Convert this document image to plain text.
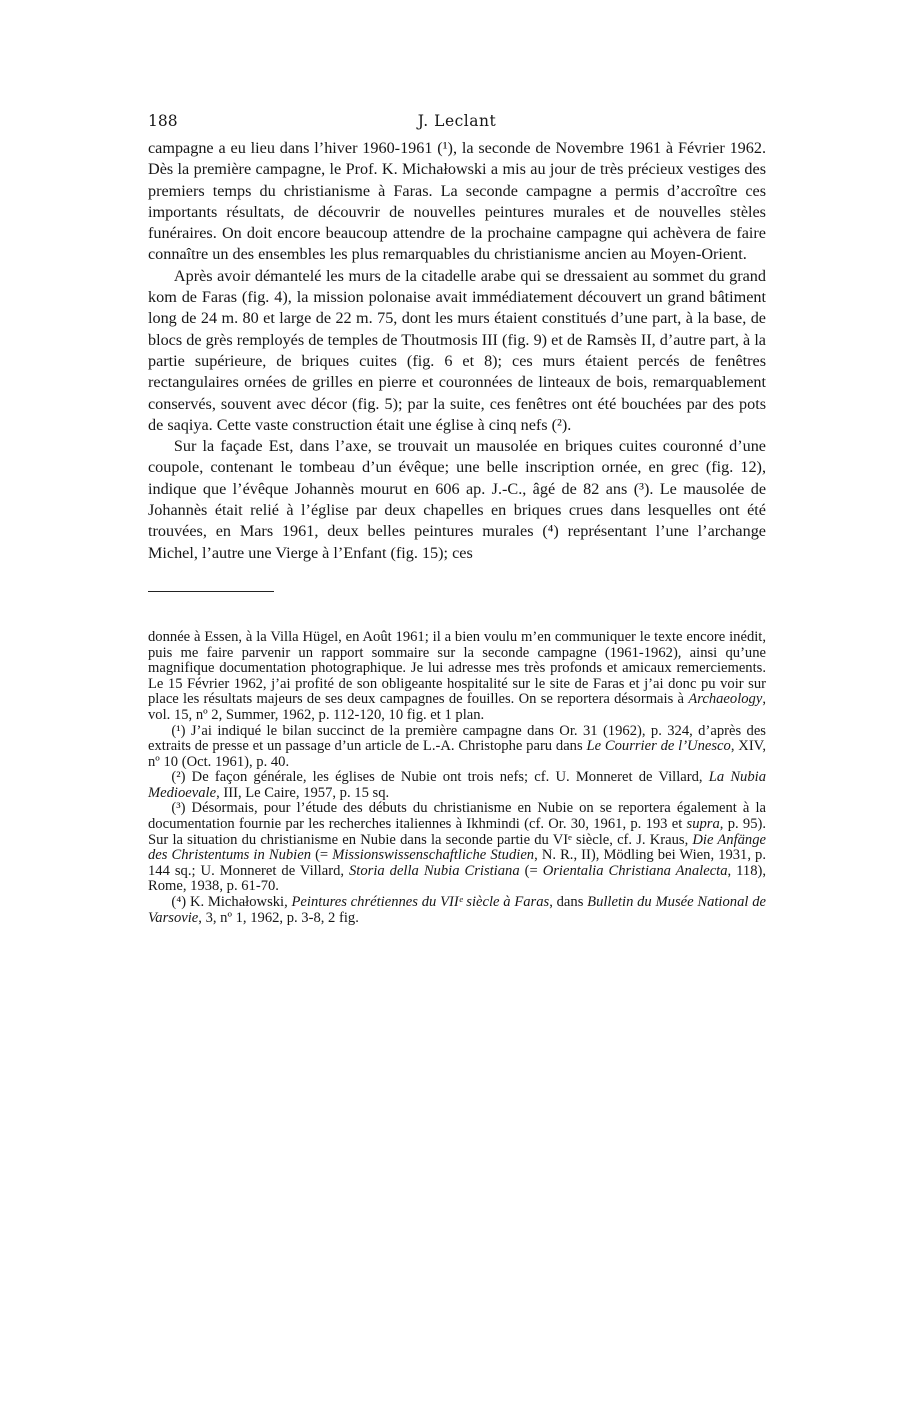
188	J. Leclant

campagne a eu lieu dans l’hiver 1960-1961 (¹), la seconde de Novembre 1961 à Février 1962. Dès la première campagne, le Prof. K. Michałowski a mis au jour de très précieux vestiges des premiers temps du christianisme à Faras. La seconde campagne a permis d’accroître ces importants résultats, de découvrir de nouvelles peintures murales et de nouvelles stèles funéraires. On doit encore beaucoup attendre de la prochaine campagne qui achèvera de faire connaître un des ensembles les plus remarquables du christianisme ancien au Moyen-Orient.

Après avoir démantelé les murs de la citadelle arabe qui se dressaient au sommet du grand kom de Faras (fig. 4), la mission polonaise avait immédiatement découvert un grand bâtiment long de 24 m. 80 et large de 22 m. 75, dont les murs étaient constitués d’une part, à la base, de blocs de grès remployés de temples de Thoutmosis III (fig. 9) et de Ramsès II, d’autre part, à la partie supérieure, de briques cuites (fig. 6 et 8); ces murs étaient percés de fenêtres rectangulaires ornées de grilles en pierre et couronnées de linteaux de bois, remarquablement conservés, souvent avec décor (fig. 5); par la suite, ces fenêtres ont été bouchées par des pots de saqiya. Cette vaste construction était une église à cinq nefs (²).

Sur la façade Est, dans l’axe, se trouvait un mausolée en briques cuites couronné d’une coupole, contenant le tombeau d’un évêque; une belle inscription ornée, en grec (fig. 12), indique que l’évêque Johannès mourut en 606 ap. J.-C., âgé de 82 ans (³). Le mausolée de Johannès était relié à l’église par deux chapelles en briques crues dans lesquelles ont été trouvées, en Mars 1961, deux belles peintures murales (⁴) représentant l’une l’archange Michel, l’autre une Vierge à l’Enfant (fig. 15); ces

donnée à Essen, à la Villa Hügel, en Août 1961; il a bien voulu m’en communiquer le texte encore inédit, puis me faire parvenir un rapport sommaire sur la seconde campagne (1961-1962), ainsi qu’une magnifique documentation photographique. Je lui adresse mes très profonds et amicaux remerciements. Le 15 Février 1962, j’ai profité de son obligeante hospitalité sur le site de Faras et j’ai donc pu voir sur place les résultats majeurs de ses deux campagnes de fouilles. On se reportera désormais à Archaeology, vol. 15, nº 2, Summer, 1962, p. 112-120, 10 fig. et 1 plan.

(¹) J’ai indiqué le bilan succinct de la première campagne dans Or. 31 (1962), p. 324, d’après des extraits de presse et un passage d’un article de L.-A. Christophe paru dans Le Courrier de l’Unesco, XIV, nº 10 (Oct. 1961), p. 40.

(²) De façon générale, les églises de Nubie ont trois nefs; cf. U. Monneret de Villard, La Nubia Medioevale, III, Le Caire, 1957, p. 15 sq.

(³) Désormais, pour l’étude des débuts du christianisme en Nubie on se reportera également à la documentation fournie par les recherches italiennes à Ikhmindi (cf. Or. 30, 1961, p. 193 et supra, p. 95). Sur la situation du christianisme en Nubie dans la seconde partie du VIᵉ siècle, cf. J. Kraus, Die Anfänge des Christentums in Nubien (= Missionswissenschaftliche Studien, N. R., II), Mödling bei Wien, 1931, p. 144 sq.; U. Monneret de Villard, Storia della Nubia Cristiana (= Orientalia Christiana Analecta, 118), Rome, 1938, p. 61-70.

(⁴) K. Michałowski, Peintures chrétiennes du VIIᵉ siècle à Faras, dans Bulletin du Musée National de Varsovie, 3, nº 1, 1962, p. 3-8, 2 fig.
